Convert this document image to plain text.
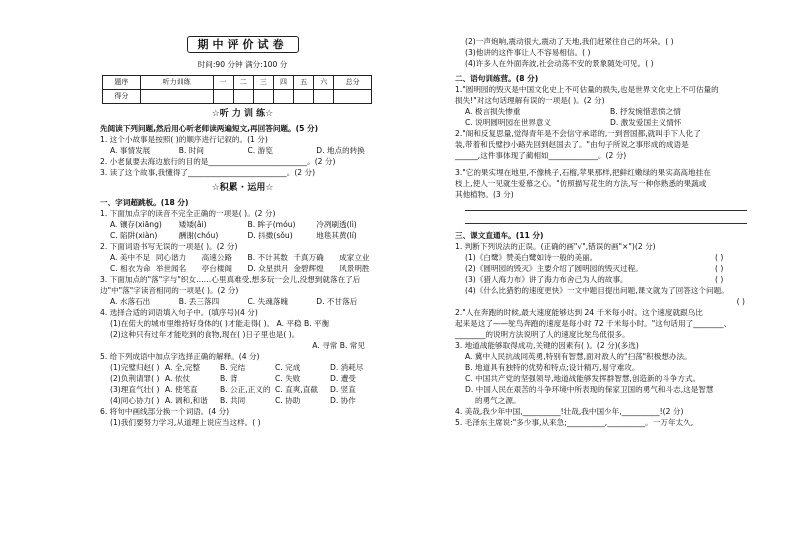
期中评价试卷
时间:90 分钟 满分:100 分
题序	听力训练	一	二	三	四	五	六	总分
得分								
☆听 力 训 练☆
先阅读下列问题,然后用心听老师读两遍短文,再回答问题。(5 分)
1. 这个小故事是按照( )的顺序进行记叙的。(1 分)
A. 事情发展	B. 时间	C. 游览	D. 地点的转换
2. 小老鼠要去海边旅行的目的是__________________________。(2 分)
3. 读了这个故事,我懂得了__________________________。(2 分)
☆积累 · 运用☆
一、字词超跳板。(18 分)
1. 下面加点字的读音不完全正确的一项是( )。(2 分)
A. 镶存(xiāng)	矮矮(ǎi)	B. 眸子(móu)	冷冽刷透(lì)
C. 陷阱(xiàn)	酬谢(chóu)	D. 抖擞(sǒu)	地毯其黄(lí)
2. 下面词语书写无误的一项是( )。(2 分)
A. 美中不足 同心谐力	高速公路	B. 不计其数 千真万确	成家立业
C. 相衣为命 举世闻名	亭台楼阁	D. 众星拱月 金碧辉煌	风景明胜
3. 下面加点的"落"字与"织女……心里真难受,想多玩一会儿,没想到就落在了后
边"中"落"字读音相同的一项是( )。(2 分)
A. 水落石出	B. 丢三落四	C. 失魂落魄	D. 不甘落后
4. 选择合适的词语填入句子中。(填序号)(4 分)
(1)在偌大的城市里维持好身体的( )才能走得( )。 A. 平稳 B. 平衡
(2)这种只有过年才能吃到的食物,现在( )日子里也是( )。
A. 寻常 B. 常见
5. 给下列成语中加点字选择正确的解释。(4 分)
(1)完璧归赵( ) A. 全,完整	B. 完结	C. 完成	D. 消耗尽
(2)负荆请罪( ) A. 依仗	B. 背	C. 失败	D. 遭受
(3)理直气壮( ) A. 使笔直	B. 公正,正义的 C. 直爽,直截	D. 竖直
(4)同心协力( ) A. 调和,和谐	B. 共同	C. 协助	D. 协作
6. 将句中画线部分换一个词语。(4 分)
(1)我们要努力学习,从道理上说应当这样。( )
(2)一声炮响,震动很大,震动了天地,我们赶紧往自己的坏朵。( )
(3)他讲的这件事让人不容易相信。( )
(4)许多人在外面奔波,社会动荡不安的景象随处可见。( )
二、语句训练营。(8 分)
1."圆明园的毁灭是中国文化史上不可估量的损失,也是世界文化史上不可估量的
损失!"对这句话理解有误的一项是( )。(2 分)
A. 极言损失惨重	B. 抒发惋惜悲愤之情
C. 说明圆明园在世界意义	D. 激发爱国主义情怀
2."阁和反复思量,觉得青年是不会信守承诺的,一到晋国都,就叫手下人化了
装,带着和氏璧抄小路先回到赵国去了。"由句子所说之事形成的成语是
______,这件事体现了蔺相如_____________。(2 分)
3."它的果实埋在地里,不像桃子,石榴,苹果那样,把鲜红嫩绿的果实高高地挂在
枝上,使人一见就生爱慕之心。"仿照描写花生的方法,写一种你熟悉的果蔬或
其他植物。(3 分)
三、课文直通车。(11 分)
1. 判断下列说法的正误。(正确的画"√",错误的画"×")(2 分)
(1)《白鹭》赞美白鹭如诗一般的美丽。	( )
(2)《圆明园的毁灭》主要介绍了圆明园的毁灭过程。	( )
(3)《猎人海力布》讲了海力布舍己为人的故事。	( )
(4)《什么比猎豹的速度更快》一文中题目提出问题,课文就为了回答这个问题。
( )
2."人在奔跑的时候,最大速度能够达到 24 千米每小时。这个速度就跟乌比
起来是这了——鸵鸟奔跑的速度是每小时 72 千米每小时。"这句话用了________、
________的说明方法说明了人的速度比鸵鸟低很多。
3. 地道战能够取得成功,关键的因素有( )。(2 分)(多选)
A. 冀中人民抗战同英勇,特别有智慧,面对敌人的"扫荡"积极想办法。
B. 地道具有独特的优势和特点;设计精巧,易守难攻。
C. 中国共产党的坚强领导,地道战能够发挥群智慧,创造新的斗争方式。
D. 中国人民在艰苦的斗争环境中所表现的保家卫国的勇气和斗志,这是智慧
的勇气之源。
4. 美哉,我少年中国,__________!壮哉,我中国少年,__________!(2 分)
5. 毛泽东主席说:"多少事,从来急;__________,__________。一万年太久,
